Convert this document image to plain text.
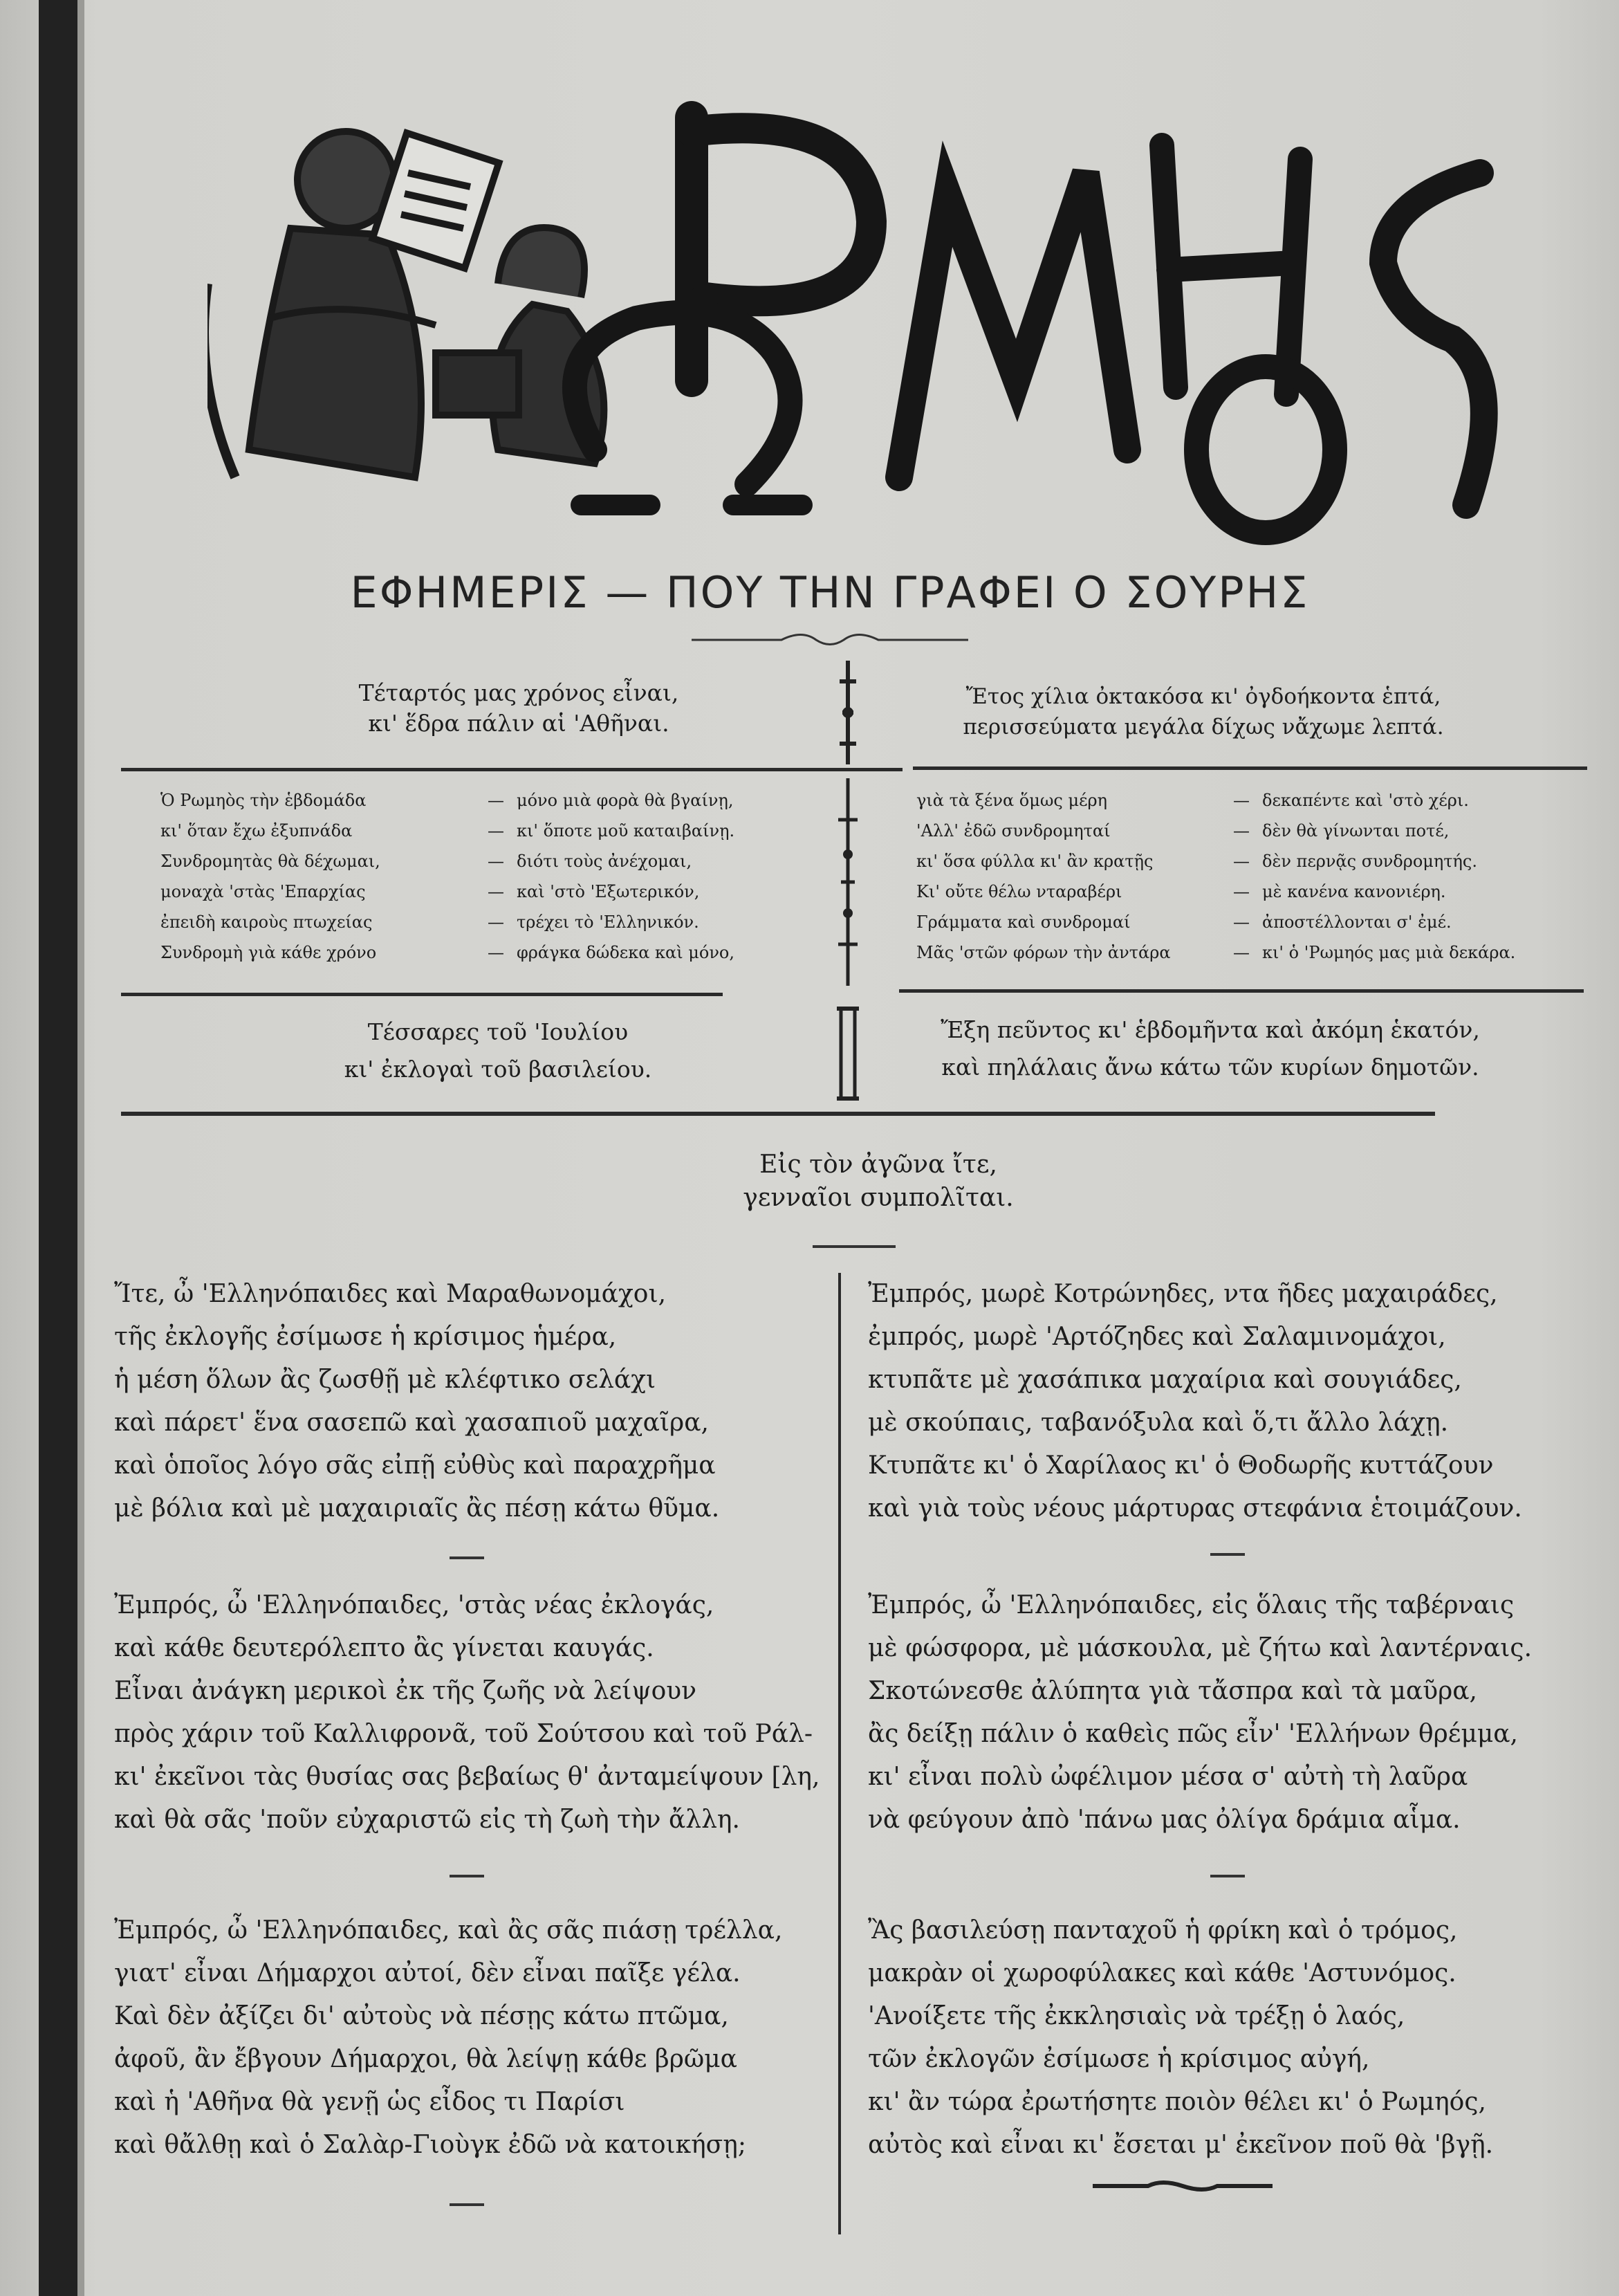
ΕΦΗΜΕΡΙΣ — ΠΟΥ ΤΗΝ ΓΡΑΦΕΙ Ο ΣΟΥΡΗΣ
Τέταρτός μας χρόνος εἶναι,
κι' ἕδρα πάλιν αἱ 'Αθῆναι.
Ἔτος χίλια ὀκτακόσα κι' ὀγδοήκοντα ἑπτά,
περισσεύματα μεγάλα δίχως νἄχωμε λεπτά.
Ὁ Ρωμηὸς τὴν ἑβδομάδα	— μόνο μιὰ φορὰ θὰ βγαίνῃ,
κι' ὅταν ἔχω ἐξυπνάδα	— κι' ὅποτε μοῦ καταιβαίνῃ.
Συνδρομητὰς θὰ δέχωμαι,	— διότι τοὺς ἀνέχομαι,
μοναχὰ 'στὰς 'Επαρχίας	— καὶ 'στὸ 'Εξωτερικόν,
ἐπειδὴ καιροὺς πτωχείας	— τρέχει τὸ 'Ελληνικόν.
Συνδρομὴ γιὰ κάθε χρόνο	— φράγκα δώδεκα καὶ μόνο,
γιὰ τὰ ξένα ὅμως μέρη	— δεκαπέντε καὶ 'στὸ χέρι.
'Αλλ' ἐδῶ συνδρομηταί	— δὲν θὰ γίνωνται ποτέ,
κι' ὅσα φύλλα κι' ἂν κρατῇς	— δὲν περνᾷς συνδρομητής.
Κι' οὔτε θέλω νταραβέρι	— μὲ κανένα κανονιέρη.
Γράμματα καὶ συνδρομαί	— ἀποστέλλονται σ' ἐμέ.
Μᾶς 'στῶν φόρων τὴν ἀντάρα	— κι' ὁ 'Ρωμηός μας μιὰ δεκάρα.
Τέσσαρες τοῦ 'Ιουλίου
κι' ἐκλογαὶ τοῦ βασιλείου.
Ἔξη πεῦντος κι' ἑβδομῆντα καὶ ἀκόμη ἑκατόν,
καὶ πηλάλαις ἄνω κάτω τῶν κυρίων δημοτῶν.
Εἰς τὸν ἀγῶνα ἴτε,
γενναῖοι συμπολῖται.
Ἴτε, ὦ 'Ελληνόπαιδες καὶ Μαραθωνομάχοι,
τῆς ἐκλογῆς ἐσίμωσε ἡ κρίσιμος ἡμέρα,
ἡ μέση ὅλων ἂς ζωσθῇ μὲ κλέφτικο σελάχι
καὶ πάρετ' ἕνα σασεπῶ καὶ χασαπιοῦ μαχαῖρα,
καὶ ὁποῖος λόγο σᾶς εἰπῇ εὐθὺς καὶ παραχρῆμα
μὲ βόλια καὶ μὲ μαχαιριαῖς ἂς πέσῃ κάτω θῦμα.
Ἐμπρός, ὦ 'Ελληνόπαιδες, 'στὰς νέας ἐκλογάς,
καὶ κάθε δευτερόλεπτο ἂς γίνεται καυγάς.
Εἶναι ἀνάγκη μερικοὶ ἐκ τῆς ζωῆς νὰ λείψουν
πρὸς χάριν τοῦ Καλλιφρονᾶ, τοῦ Σούτσου καὶ τοῦ Ράλ-
κι' ἐκεῖνοι τὰς θυσίας σας βεβαίως θ' ἀνταμείψουν [λη,
καὶ θὰ σᾶς 'ποῦν εὐχαριστῶ εἰς τὴ ζωὴ τὴν ἄλλη.
Ἐμπρός, ὦ 'Ελληνόπαιδες, καὶ ἂς σᾶς πιάσῃ τρέλλα,
γιατ' εἶναι Δήμαρχοι αὐτοί, δὲν εἶναι παῖξε γέλα.
Καὶ δὲν ἀξίζει δι' αὐτοὺς νὰ πέσῃς κάτω πτῶμα,
ἀφοῦ, ἂν ἔβγουν Δήμαρχοι, θὰ λείψῃ κάθε βρῶμα
καὶ ἡ 'Αθῆνα θὰ γενῇ ὡς εἶδος τι Παρίσι
καὶ θἄλθῃ καὶ ὁ Σαλὰρ-Γιοὺγκ ἐδῶ νὰ κατοικήσῃ;
Ἐμπρός, μωρὲ Κοτρώνηδες, ντα ῆδες μαχαιράδες,
ἐμπρός, μωρὲ 'Αρτόζηδες καὶ Σαλαμινομάχοι,
κτυπᾶτε μὲ χασάπικα μαχαίρια καὶ σουγιάδες,
μὲ σκούπαις, ταβανόξυλα καὶ ὅ,τι ἄλλο λάχῃ.
Κτυπᾶτε κι' ὁ Χαρίλαος κι' ὁ Θοδωρῆς κυττάζουν
καὶ γιὰ τοὺς νέους μάρτυρας στεφάνια ἑτοιμάζουν.
Ἐμπρός, ὦ 'Ελληνόπαιδες, εἰς ὅλαις τῆς ταβέρναις
μὲ φώσφορα, μὲ μάσκουλα, μὲ ζήτω καὶ λαντέρναις.
Σκοτώνεσθε ἀλύπητα γιὰ τἄσπρα καὶ τὰ μαῦρα,
ἂς δείξῃ πάλιν ὁ καθεὶς πῶς εἶν' 'Ελλήνων θρέμμα,
κι' εἶναι πολὺ ὠφέλιμον μέσα σ' αὐτὴ τὴ λαῦρα
νὰ φεύγουν ἀπὸ 'πάνω μας ὀλίγα δράμια αἷμα.
Ἂς βασιλεύσῃ πανταχοῦ ἡ φρίκη καὶ ὁ τρόμος,
μακρὰν οἱ χωροφύλακες καὶ κάθε 'Αστυνόμος.
'Ανοίξετε τῆς ἐκκλησιαὶς νὰ τρέξῃ ὁ λαός,
τῶν ἐκλογῶν ἐσίμωσε ἡ κρίσιμος αὐγή,
κι' ἂν τώρα ἐρωτήσητε ποιὸν θέλει κι' ὁ Ρωμηός,
αὐτὸς καὶ εἶναι κι' ἔσεται μ' ἐκεῖνον ποῦ θὰ 'βγῇ.
